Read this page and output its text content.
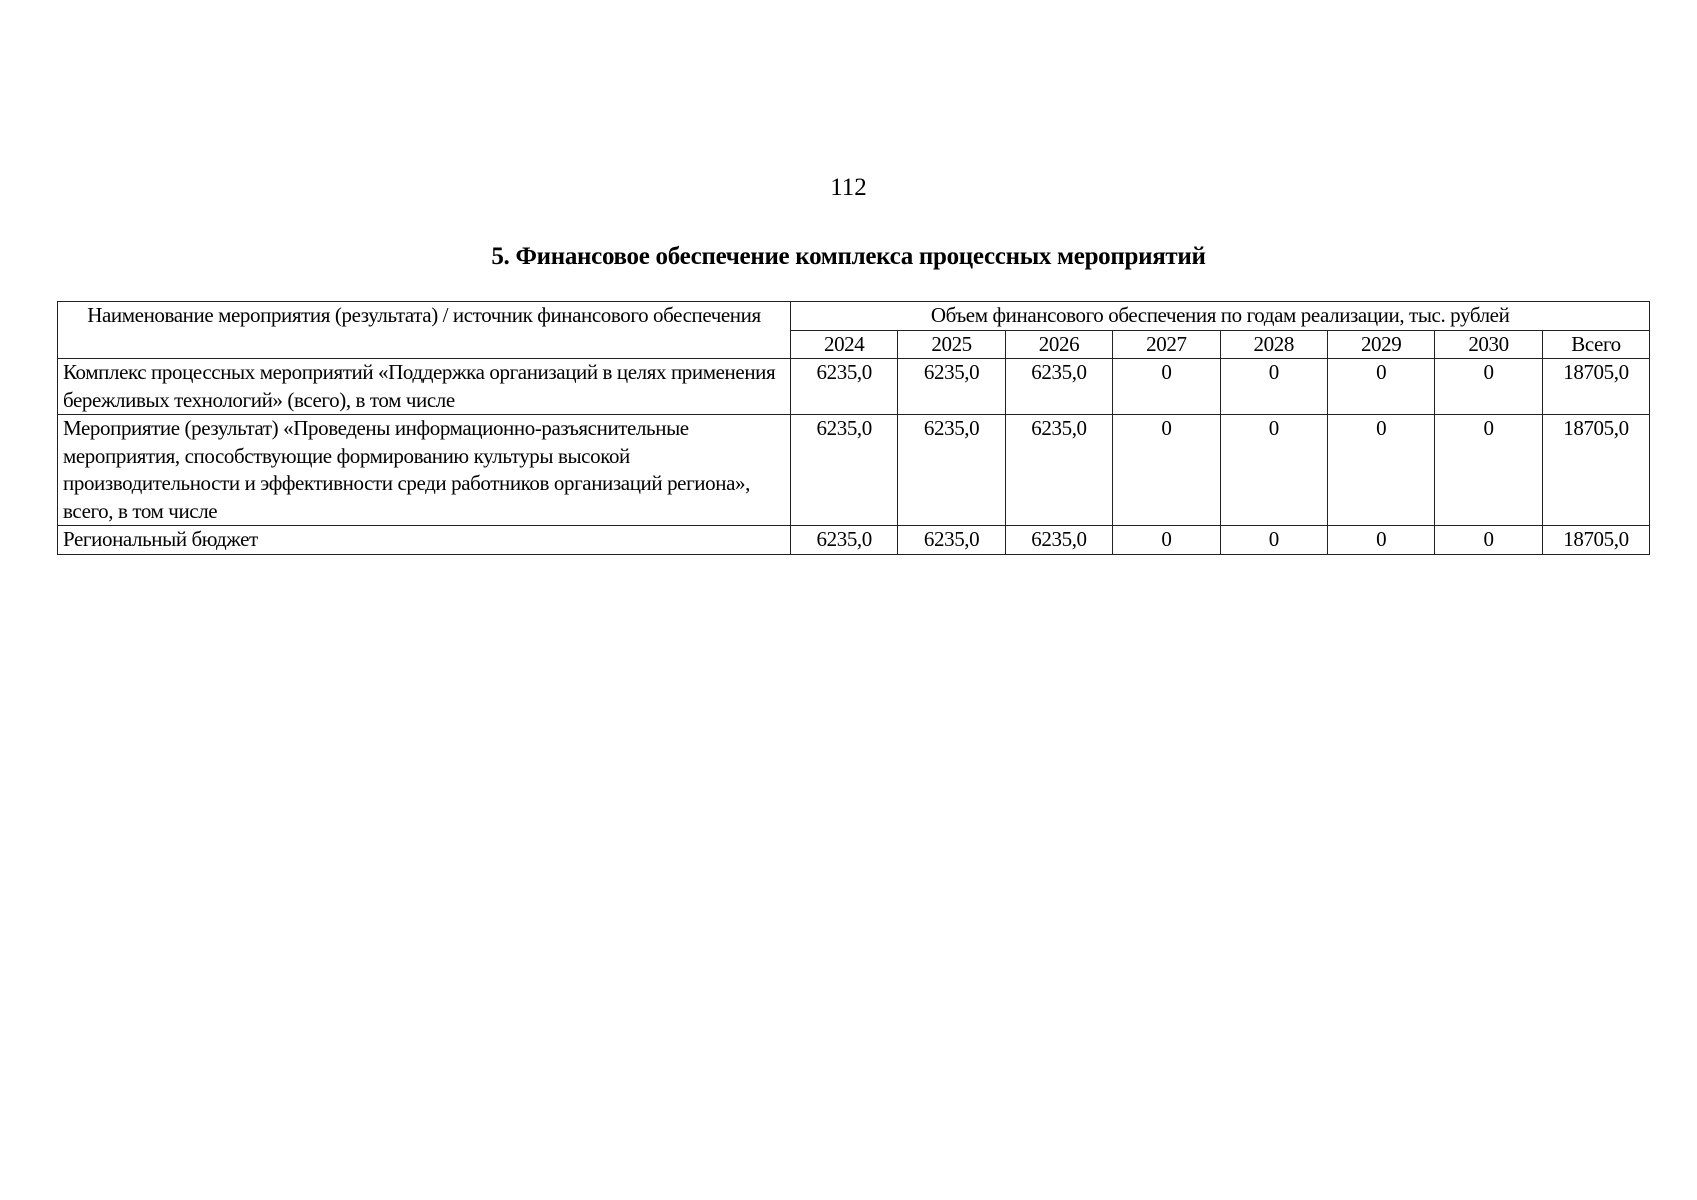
112
5. Финансовое обеспечение комплекса процессных мероприятий
Наименование мероприятия (результата) / источник финансового обеспечения	Объем финансового обеспечения по годам реализации, тыс. рублей							
	2024	2025	2026	2027	2028	2029	2030	Всего
Комплекс процессных мероприятий «Поддержка организаций в целях применения бережливых технологий» (всего), в том числе	6235,0	6235,0	6235,0	0	0	0	0	18705,0
Мероприятие (результат) «Проведены информационно-разъяснительные мероприятия, способствующие формированию культуры высокой производительности и эффективности среди работников организаций региона», всего, в том числе	6235,0	6235,0	6235,0	0	0	0	0	18705,0
Региональный бюджет	6235,0	6235,0	6235,0	0	0	0	0	18705,0
